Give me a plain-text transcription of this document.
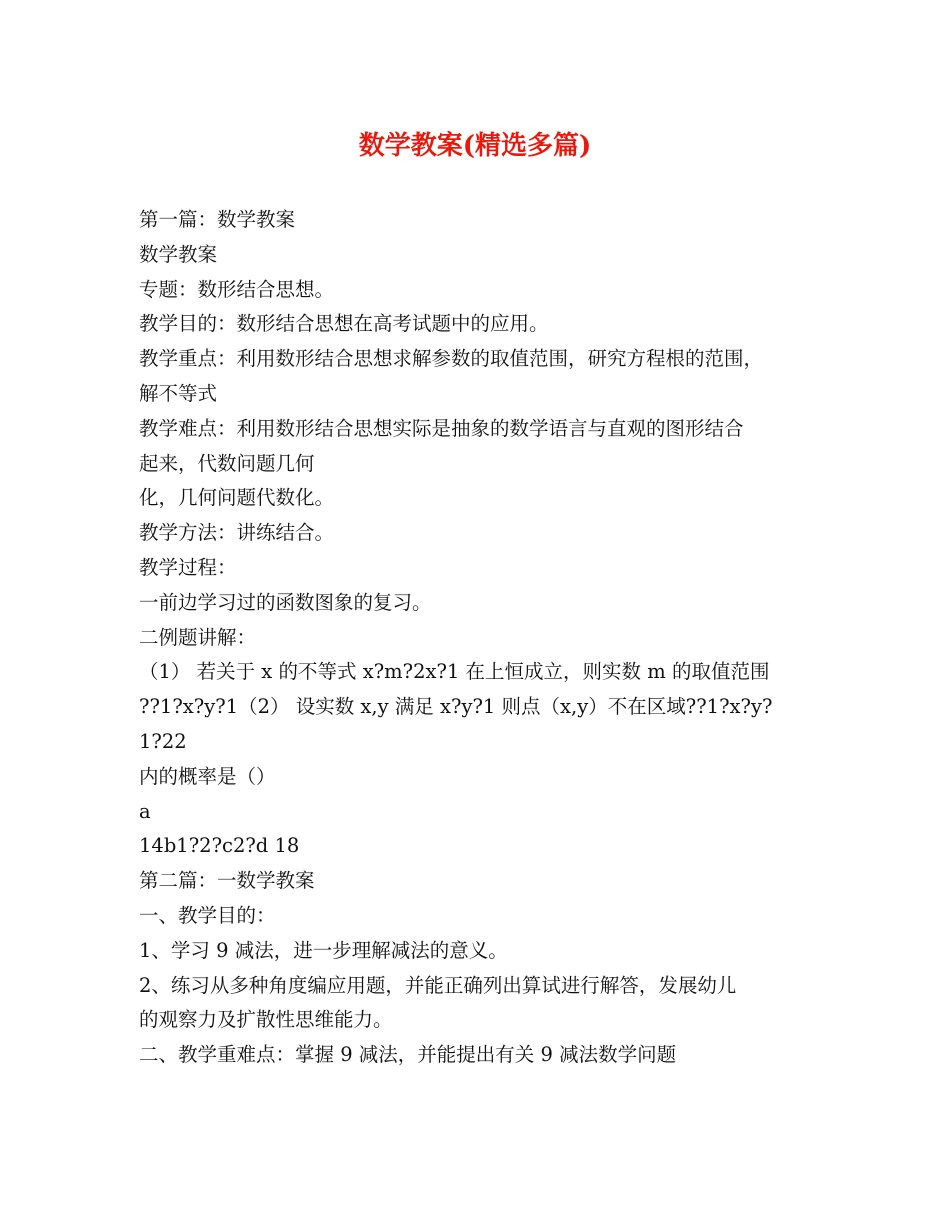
数学教案(精选多篇)
第一篇：数学教案
数学教案
专题：数形结合思想。
教学目的：数形结合思想在高考试题中的应用。
教学重点：利用数形结合思想求解参数的取值范围，研究方程根的范围，
解不等式
教学难点：利用数形结合思想实际是抽象的数学语言与直观的图形结合
起来，代数问题几何
化，几何问题代数化。
教学方法：讲练结合。
教学过程：
一前边学习过的函数图象的复习。
二例题讲解：
（1） 若关于 x 的不等式 x?m?2x?1 在上恒成立，则实数 m 的取值范围
??1?x?y?1（2） 设实数 x,y 满足 x?y?1 则点（x,y）不在区域??1?x?y?
1?22
内的概率是（）
a
14b1?2?c2?d 18
第二篇：一数学教案
一、教学目的：
1、学习 9 减法，进一步理解减法的意义。
2、练习从多种角度编应用题，并能正确列出算试进行解答，发展幼儿
的观察力及扩散性思维能力。
二、教学重难点：掌握 9 减法，并能提出有关 9 减法数学问题
